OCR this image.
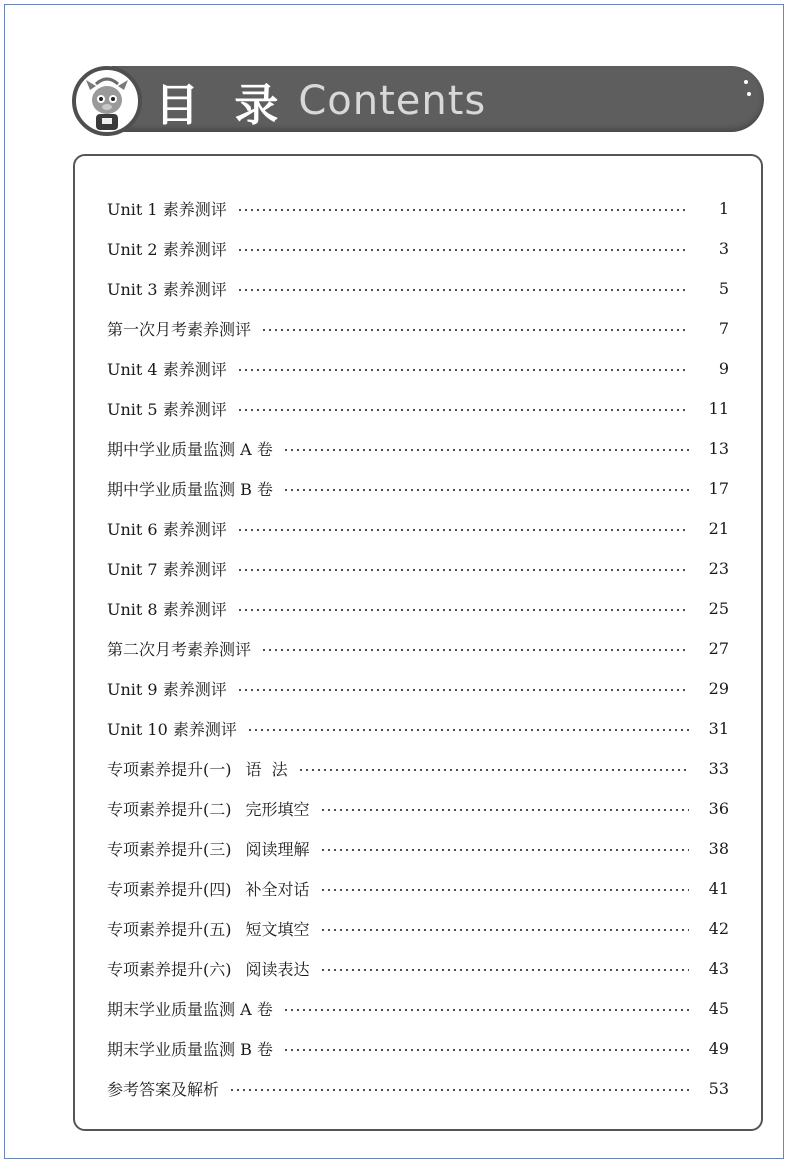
目 录 Contents
Unit 1 素养测评	1
Unit 2 素养测评	3
Unit 3 素养测评	5
第一次月考素养测评	7
Unit 4 素养测评	9
Unit 5 素养测评	11
期中学业质量监测 A 卷	13
期中学业质量监测 B 卷	17
Unit 6 素养测评	21
Unit 7 素养测评	23
Unit 8 素养测评	25
第二次月考素养测评	27
Unit 9 素养测评	29
Unit 10 素养测评	31
专项素养提升(一) 语  法	33
专项素养提升(二) 完形填空	36
专项素养提升(三) 阅读理解	38
专项素养提升(四) 补全对话	41
专项素养提升(五) 短文填空	42
专项素养提升(六) 阅读表达	43
期末学业质量监测 A 卷	45
期末学业质量监测 B 卷	49
参考答案及解析	53
